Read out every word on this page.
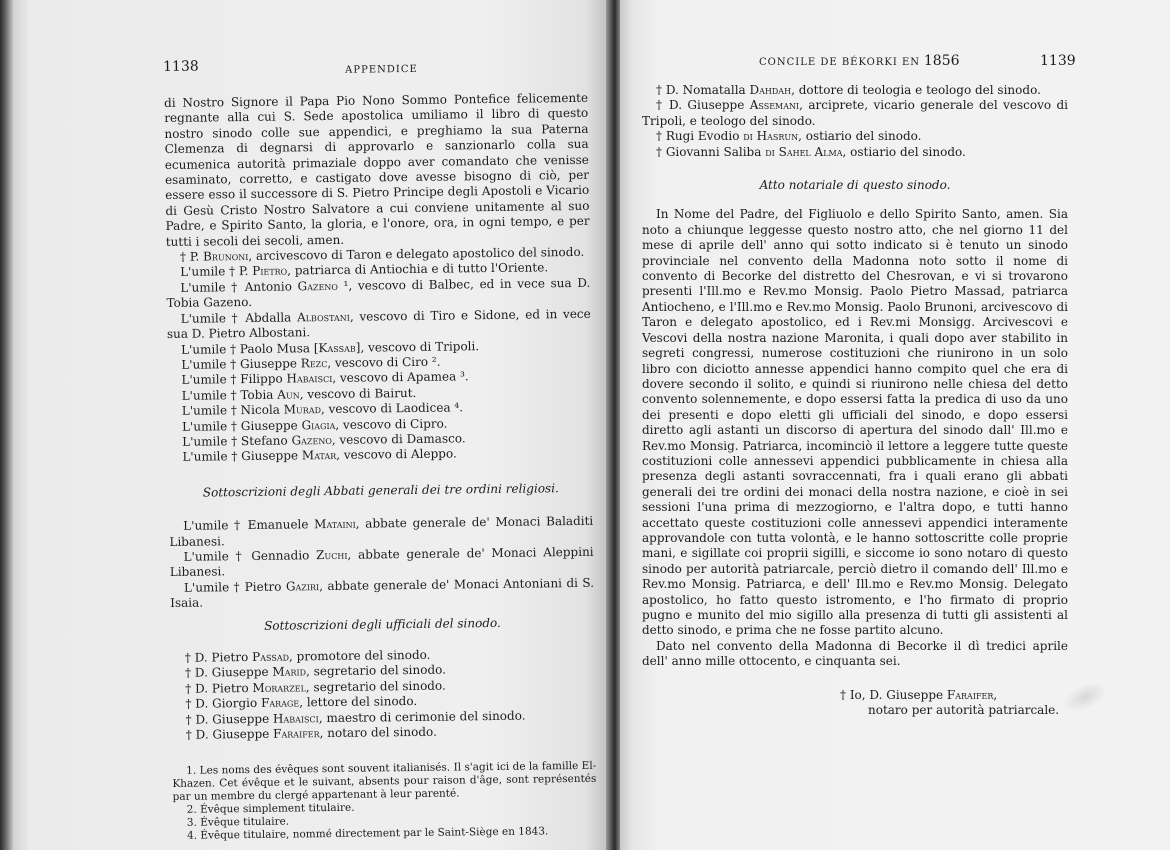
1138	APPENDICE

di Nostro Signore il Papa Pio Nono Sommo Pontefice felicemente regnante alla cui S. Sede apostolica umiliamo il libro di questo nostro sinodo colle sue appendici, e preghiamo la sua Paterna Clemenza di degnarsi di approvarlo e sanzionarlo colla sua ecumenica autorità primaziale doppo aver comandato che venisse esaminato, corretto, e castigato dove avesse bisogno di ciò, per essere esso il successore di S. Pietro Principe degli Apostoli e Vicario di Gesù Cristo Nostro Salvatore a cui conviene unitamente al suo Padre, e Spirito Santo, la gloria, e l'onore, ora, in ogni tempo, e per tutti i secoli dei secoli, amen.

† P. Brunoni, arcivescovo di Taron e delegato apostolico del sinodo.

L'umile † P. Pietro, patriarca di Antiochia e di tutto l'Oriente.

L'umile † Antonio Gazeno ¹, vescovo di Balbec, ed in vece sua D. Tobia Gazeno.

L'umile † Abdalla Albostani, vescovo di Tiro e Sidone, ed in vece sua D. Pietro Albostani.

L'umile † Paolo Musa [Kassab], vescovo di Tripoli.

L'umile † Giuseppe Rezc, vescovo di Ciro ².

L'umile † Filippo Habaisci, vescovo di Apamea ³.

L'umile † Tobia Aun, vescovo di Bairut.

L'umile † Nicola Murad, vescovo di Laodicea ⁴.

L'umile † Giuseppe Giagia, vescovo di Cipro.

L'umile † Stefano Gazeno, vescovo di Damasco.

L'umile † Giuseppe Matar, vescovo di Aleppo.

Sottoscrizioni degli Abbati generali dei tre ordini religiosi.

L'umile † Emanuele Mataini, abbate generale de' Monaci Baladiti Libanesi.

L'umile † Gennadio Zuchi, abbate generale de' Monaci Aleppini Libanesi.

L'umile † Pietro Gaziri, abbate generale de' Monaci Antoniani di S. Isaia.

Sottoscrizioni degli ufficiali del sinodo.

† D. Pietro Passad, promotore del sinodo.

† D. Giuseppe Marid, segretario del sinodo.

† D. Pietro Morarzel, segretario del sinodo.

† D. Giorgio Farage, lettore del sinodo.

† D. Giuseppe Habaisci, maestro di cerimonie del sinodo.

† D. Giuseppe Faraifer, notaro del sinodo.

1. Les noms des évêques sont souvent italianisés. Il s'agit ici de la famille El-Khazen. Cet évêque et le suivant, absents pour raison d'âge, sont représentés par un membre du clergé appartenant à leur parenté.

2. Évêque simplement titulaire.

3. Évêque titulaire.

4. Évêque titulaire, nommé directement par le Saint-Siège en 1843.

CONCILE DE BÉKORKI EN 1856	1139

† D. Nomatalla Dahdah, dottore di teologia e teologo del sinodo.

† D. Giuseppe Assemani, arciprete, vicario generale del vescovo di Tripoli, e teologo del sinodo.

† Rugi Evodio di Hasrun, ostiario del sinodo.

† Giovanni Saliba di Sahel Alma, ostiario del sinodo.

Atto notariale di questo sinodo.

In Nome del Padre, del Figliuolo e dello Spirito Santo, amen. Sia noto a chiunque leggesse questo nostro atto, che nel giorno 11 del mese di aprile dell' anno qui sotto indicato si è tenuto un sinodo provinciale nel convento della Madonna noto sotto il nome di convento di Becorke del distretto del Chesrovan, e vi si trovarono presenti l'Ill.mo e Rev.mo Monsig. Paolo Pietro Massad, patriarca Antiocheno, e l'Ill.mo e Rev.mo Monsig. Paolo Brunoni, arcivescovo di Taron e delegato apostolico, ed i Rev.mi Monsigg. Arcivescovi e Vescovi della nostra nazione Maronita, i quali dopo aver stabilito in segreti congressi, numerose costituzioni che riunirono in un solo libro con diciotto annesse appendici hanno compito quel che era di dovere secondo il solito, e quindi si riunirono nelle chiesa del detto convento solennemente, e dopo essersi fatta la predica di uso da uno dei presenti e dopo eletti gli ufficiali del sinodo, e dopo essersi diretto agli astanti un discorso di apertura del sinodo dall' Ill.mo e Rev.mo Monsig. Patriarca, incominciò il lettore a leggere tutte queste costituzioni colle annessevi appendici pubblicamente in chiesa alla presenza degli astanti sovraccennati, fra i quali erano gli abbati generali dei tre ordini dei monaci della nostra nazione, e cioè in sei sessioni l'una prima di mezzogiorno, e l'altra dopo, e tutti hanno accettato queste costituzioni colle annessevi appendici interamente approvandole con tutta volontà, e le hanno sottoscritte colle proprie mani, e sigillate coi proprii sigilli, e siccome io sono notaro di questo sinodo per autorità patriarcale, perciò dietro il comando dell' Ill.mo e Rev.mo Monsig. Patriarca, e dell' Ill.mo e Rev.mo Monsig. Delegato apostolico, ho fatto questo istromento, e l'ho firmato di proprio pugno e munito del mio sigillo alla presenza di tutti gli assistenti al detto sinodo, e prima che ne fosse partito alcuno.

Dato nel convento della Madonna di Becorke il dì tredici aprile dell' anno mille ottocento, e cinquanta sei.

† Io, D. Giuseppe Faraifer,
notaro per autorità patriarcale.
